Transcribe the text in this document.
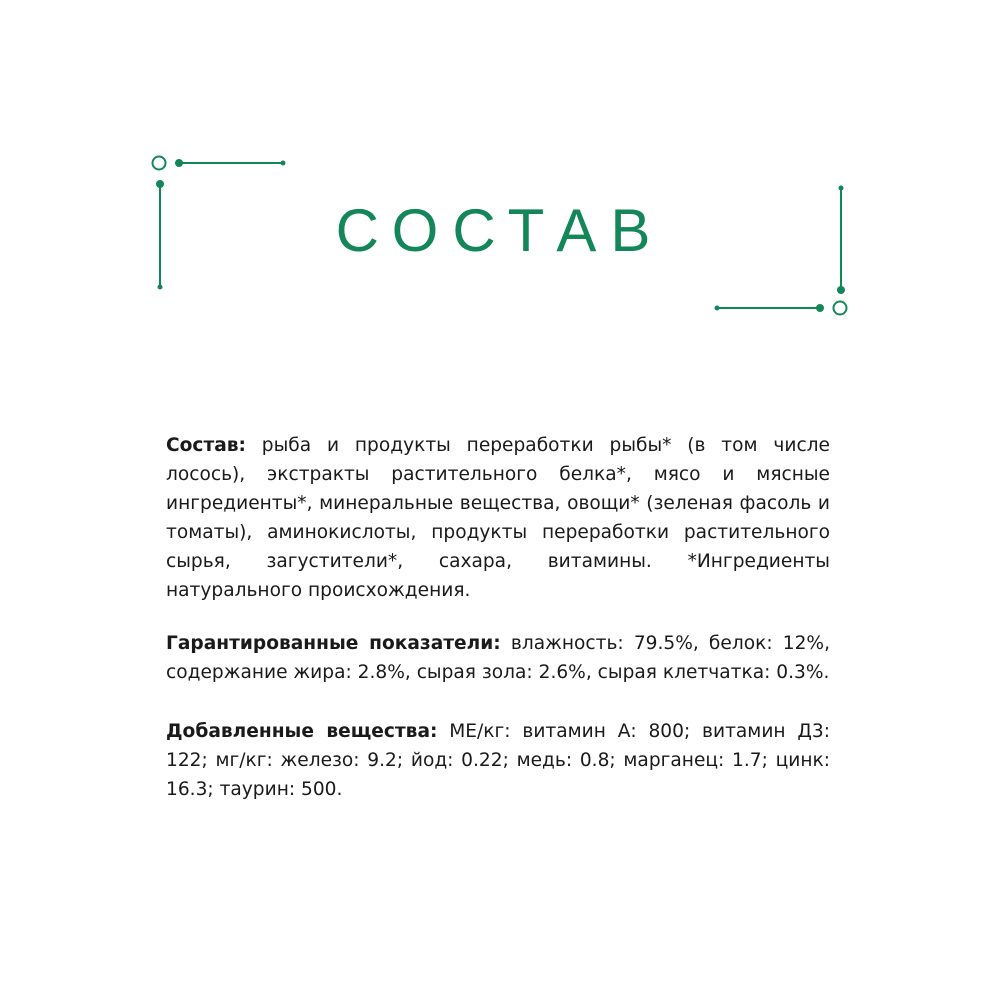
СОСТАВ

Состав: рыба и продукты переработки рыбы* (в том числе лосось), экстракты растительного белка*, мясо и мясные ингредиенты*, минеральные вещества, овощи* (зеленая фасоль и томаты), аминокислоты, продукты переработки растительного сырья, загустители*, сахара, витамины. *Ингредиенты натурального происхождения.

Гарантированные показатели: влажность: 79.5%, белок: 12%, содержание жира: 2.8%, сырая зола: 2.6%, сырая клетчатка: 0.3%.

Добавленные вещества: МЕ/кг: витамин А: 800; витамин Д3: 122; мг/кг: железо: 9.2; йод: 0.22; медь: 0.8; марганец: 1.7; цинк: 16.3; таурин: 500.
